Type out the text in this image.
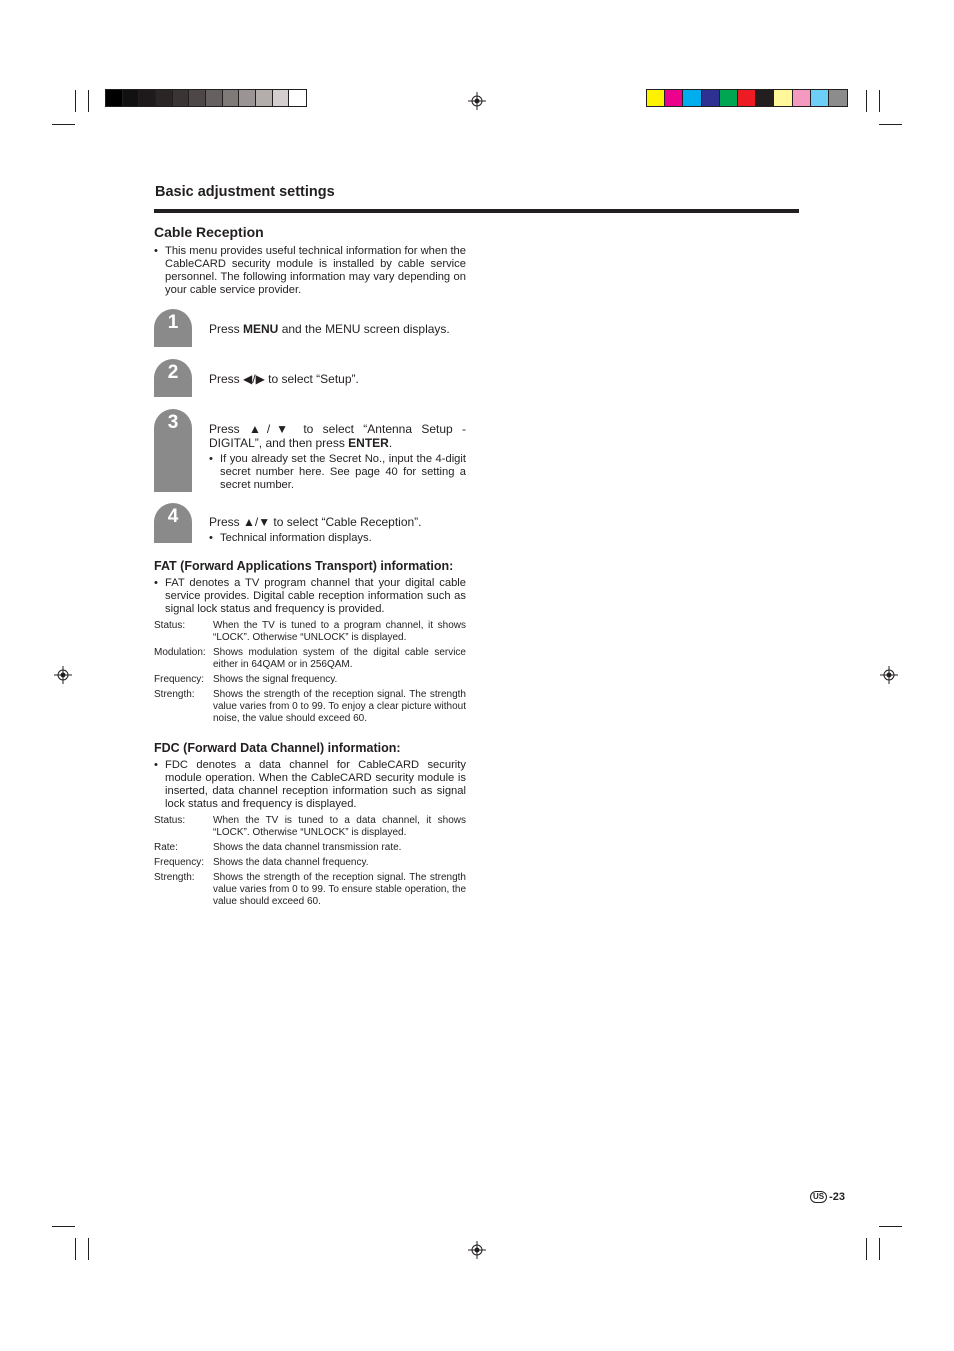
Basic adjustment settings
Cable Reception
• This menu provides useful technical information for when the CableCARD security module is installed by cable service personnel. The following information may vary depending on your cable service provider.
1	Press MENU and the MENU screen displays.

2	Press ◀/▶ to select “Setup”.

3	Press ▲/▼ to select “Antenna Setup - DIGITAL”, and then press ENTER.

• If you already set the Secret No., input the 4-digit secret number here. See page 40 for setting a secret number.
4	Press ▲/▼ to select “Cable Reception”.

• Technical information displays.
FAT (Forward Applications Transport) information:
• FAT denotes a TV program channel that your digital cable service provides. Digital cable reception information such as signal lock status and frequency is provided.
Status:	When the TV is tuned to a program channel, it shows “LOCK”. Otherwise “UNLOCK” is displayed.
Modulation: Shows modulation system of the digital cable service either in 64QAM or in 256QAM.
Frequency: Shows the signal frequency.
Strength:	Shows the strength of the reception signal. The strength value varies from 0 to 99. To enjoy a clear picture without noise, the value should exceed 60.
FDC (Forward Data Channel) information:
• FDC denotes a data channel for CableCARD security module operation. When the CableCARD security module is inserted, data channel reception information such as signal lock status and frequency is displayed.
Status:	When the TV is tuned to a data channel, it shows “LOCK”. Otherwise “UNLOCK” is displayed.
Rate:	Shows the data channel transmission rate.
Frequency: Shows the data channel frequency.
Strength:	Shows the strength of the reception signal. The strength value varies from 0 to 99. To ensure stable operation, the value should exceed 60.
US -23
